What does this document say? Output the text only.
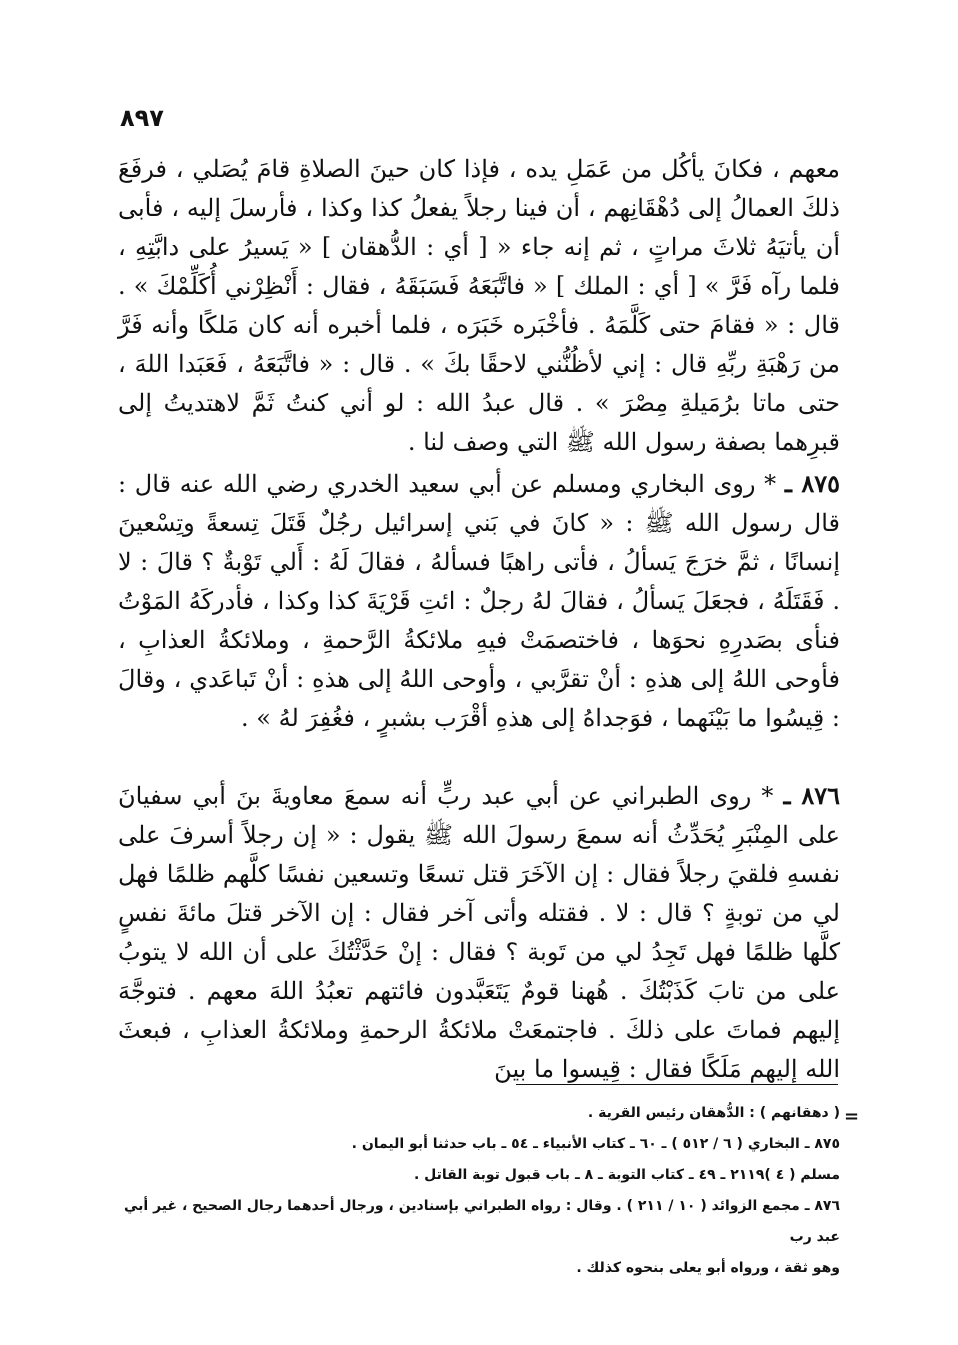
٨٩٧

معهم ، فكانَ يأكُل من عَمَلِ يده ، فإذا كان حينَ الصلاةِ قامَ يُصَلي ، فرفَعَ ذلكَ العمالُ إلى دُهْقَانِهم ، أن فينا رجلاً يفعلُ كذا وكذا ، فأرسلَ إليه ، فأبى أن يأتيَهُ ثلاثَ مراتٍ ، ثم إنه جاء « [ أي : الدُّهقان ] « يَسيرُ على دابَّتِهِ ، فلما رآه فَرَّ » [ أي : الملك ] « فاتَّبَعَهُ فَسَبَقَهُ ، فقال : أَنْظِرْني أُكَلِّمْكَ » . قال : « فقامَ حتى كَلَّمَهُ . فأخْبَره خَبَرَه ، فلما أخبره أنه كان مَلكًا وأنه فَرَّ من رَهْبَةِ ربِّهِ قال : إني لأظُنُّني لاحقًا بكَ » . قال : « فاتَّبَعَهُ ، فَعَبَدا اللهَ ، حتى ماتا برُمَيلةِ مِصْرَ » . قال عبدُ الله : لو أني كنتُ ثَمَّ لاهتديتُ إلى قبرِهما بصفة رسول الله ﷺ التي وصف لنا .

٨٧٥ ـ * روى البخاري ومسلم عن أبي سعيد الخدري رضي الله عنه قال : قال رسول الله ﷺ : « كانَ في بَني إسرائيل رجُلٌ قَتَلَ تِسعةً وتِسْعينَ إنسانًا ، ثمَّ خرَجَ يَسألُ ، فأتى راهبًا فسألهُ ، فقالَ لَهُ : أَلي تَوْبةٌ ؟ قالَ : لا . فَقَتَلَهُ ، فجعَلَ يَسألُ ، فقالَ لهُ رجلٌ : ائتِ قَرْيَةَ كذا وكذا ، فأدركَهُ المَوْتُ فنأى بصَدرِهِ نحوَها ، فاختصمَتْ فيهِ ملائكةُ الرَّحمةِ ، وملائكةُ العذابِ ، فأوحى اللهُ إلى هذهِ : أنْ تقرَّبي ، وأوحى اللهُ إلى هذهِ : أنْ تَباعَدي ، وقالَ : قِيسُوا ما بَيْنَهما ، فوَجداهُ إلى هذهِ أقْرَب بشبرٍ ، فغُفِرَ لهُ » .

٨٧٦ ـ * روى الطبراني عن أبي عبد ربٍّ أنه سمعَ معاويةَ بنَ أبي سفيانَ على المِنْبَرِ يُحَدِّثُ أنه سمعَ رسولَ الله ﷺ يقول : « إن رجلاً أسرفَ على نفسهِ فلقيَ رجلاً فقال : إن الآخَرَ قتل تسعًا وتسعين نفسًا كلَّهم ظلمًا فهل لي من توبةٍ ؟ قال : لا . فقتله وأتى آخر فقال : إن الآخر قتلَ مائةَ نفسٍ كلَّها ظلمًا فهل تَجِدُ لي من تَوبة ؟ فقال : إنْ حَدَّثْتُكَ على أن الله لا يتوبُ على من تابَ كَذَبْتُكَ . هُهنا قومٌ يَتَعَبَّدون فائتهم تعبُدُ اللهَ معهم . فتوجَّهَ إليهم فماتَ على ذلكَ . فاجتمعَتْ ملائكةُ الرحمةِ وملائكةُ العذابِ ، فبعثَ الله إليهم مَلَكًا فقال : قِيسوا ما بينَ

=
( دهقانهم ) : الدُّهقان رئيس القرية .
٨٧٥ ـ البخاري ( ٦ / ٥١٢ ) ـ ٦٠ ـ كتاب الأنبياء ـ ٥٤ ـ باب حدثنا أبو اليمان .
مسلم ( ٤ )٢١١٩ ـ ٤٩ ـ كتاب التوبة ـ ٨ ـ باب قبول توبة القاتل .
٨٧٦ ـ مجمع الزوائد ( ١٠ / ٢١١ ) . وقال : رواه الطبراني بإسنادين ، ورجال أحدهما رجال الصحيح ، غير أبي عبد رب
وهو ثقة ، ورواه أبو يعلى بنحوه كذلك .
